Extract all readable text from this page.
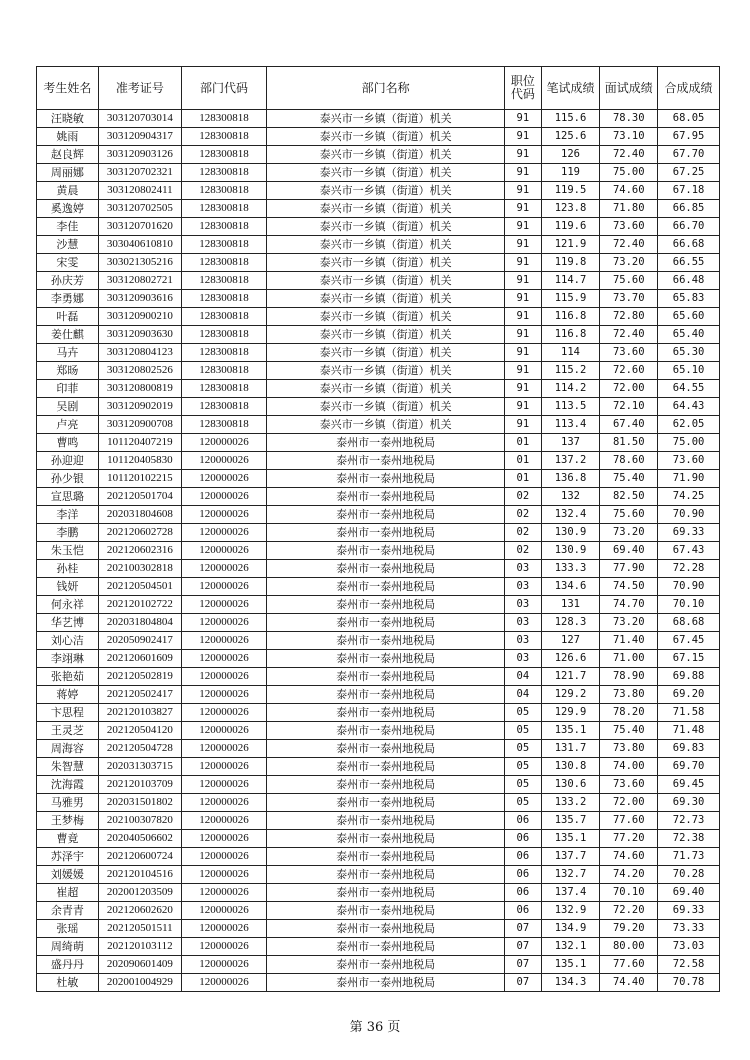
考生姓名	准考证号	部门代码	部门名称	职位代码	笔试成绩	面试成绩	合成成绩
汪晓敏	303120703014	128300818	泰兴市一乡镇（街道）机关	91	115.6	78.30	68.05
姚雨	303120904317	128300818	泰兴市一乡镇（街道）机关	91	125.6	73.10	67.95
赵良辉	303120903126	128300818	泰兴市一乡镇（街道）机关	91	126	72.40	67.70
周丽娜	303120702321	128300818	泰兴市一乡镇（街道）机关	91	119	75.00	67.25
黄晨	303120802411	128300818	泰兴市一乡镇（街道）机关	91	119.5	74.60	67.18
奚逸婷	303120702505	128300818	泰兴市一乡镇（街道）机关	91	123.8	71.80	66.85
李佳	303120701620	128300818	泰兴市一乡镇（街道）机关	91	119.6	73.60	66.70
沙慧	303040610810	128300818	泰兴市一乡镇（街道）机关	91	121.9	72.40	66.68
宋雯	303021305216	128300818	泰兴市一乡镇（街道）机关	91	119.8	73.20	66.55
孙庆芳	303120802721	128300818	泰兴市一乡镇（街道）机关	91	114.7	75.60	66.48
李勇娜	303120903616	128300818	泰兴市一乡镇（街道）机关	91	115.9	73.70	65.83
叶磊	303120900210	128300818	泰兴市一乡镇（街道）机关	91	116.8	72.80	65.60
姜仕麒	303120903630	128300818	泰兴市一乡镇（街道）机关	91	116.8	72.40	65.40
马卉	303120804123	128300818	泰兴市一乡镇（街道）机关	91	114	73.60	65.30
郑旸	303120802526	128300818	泰兴市一乡镇（街道）机关	91	115.2	72.60	65.10
印菲	303120800819	128300818	泰兴市一乡镇（街道）机关	91	114.2	72.00	64.55
吴剧	303120902019	128300818	泰兴市一乡镇（街道）机关	91	113.5	72.10	64.43
卢亮	303120900708	128300818	泰兴市一乡镇（街道）机关	91	113.4	67.40	62.05
曹鸣	101120407219	120000026	泰州市一泰州地税局	01	137	81.50	75.00
孙迎迎	101120405830	120000026	泰州市一泰州地税局	01	137.2	78.60	73.60
孙少银	101120102215	120000026	泰州市一泰州地税局	01	136.8	75.40	71.90
宣思璐	202120501704	120000026	泰州市一泰州地税局	02	132	82.50	74.25
李洋	202031804608	120000026	泰州市一泰州地税局	02	132.4	75.60	70.90
李鹏	202120602728	120000026	泰州市一泰州地税局	02	130.9	73.20	69.33
朱玉恺	202120602316	120000026	泰州市一泰州地税局	02	130.9	69.40	67.43
孙桂	202100302818	120000026	泰州市一泰州地税局	03	133.3	77.90	72.28
钱妍	202120504501	120000026	泰州市一泰州地税局	03	134.6	74.50	70.90
何永祥	202120102722	120000026	泰州市一泰州地税局	03	131	74.70	70.10
华艺博	202031804804	120000026	泰州市一泰州地税局	03	128.3	73.20	68.68
刘心洁	202050902417	120000026	泰州市一泰州地税局	03	127	71.40	67.45
李翊琳	202120601609	120000026	泰州市一泰州地税局	03	126.6	71.00	67.15
张艳茹	202120502819	120000026	泰州市一泰州地税局	04	121.7	78.90	69.88
蒋婷	202120502417	120000026	泰州市一泰州地税局	04	129.2	73.80	69.20
卞思程	202120103827	120000026	泰州市一泰州地税局	05	129.9	78.20	71.58
王灵芝	202120504120	120000026	泰州市一泰州地税局	05	135.1	75.40	71.48
周海容	202120504728	120000026	泰州市一泰州地税局	05	131.7	73.80	69.83
朱智慧	202031303715	120000026	泰州市一泰州地税局	05	130.8	74.00	69.70
沈海霞	202120103709	120000026	泰州市一泰州地税局	05	130.6	73.60	69.45
马雅男	202031501802	120000026	泰州市一泰州地税局	05	133.2	72.00	69.30
王梦梅	202100307820	120000026	泰州市一泰州地税局	06	135.7	77.60	72.73
曹竟	202040506602	120000026	泰州市一泰州地税局	06	135.1	77.20	72.38
苏泽宇	202120600724	120000026	泰州市一泰州地税局	06	137.7	74.60	71.73
刘媛媛	202120104516	120000026	泰州市一泰州地税局	06	132.7	74.20	70.28
崔超	202001203509	120000026	泰州市一泰州地税局	06	137.4	70.10	69.40
余青青	202120602620	120000026	泰州市一泰州地税局	06	132.9	72.20	69.33
张瑶	202120501511	120000026	泰州市一泰州地税局	07	134.9	79.20	73.33
周绮萌	202120103112	120000026	泰州市一泰州地税局	07	132.1	80.00	73.03
盛丹丹	202090601409	120000026	泰州市一泰州地税局	07	135.1	77.60	72.58
杜敏	202001004929	120000026	泰州市一泰州地税局	07	134.3	74.40	70.78
第 36 页
